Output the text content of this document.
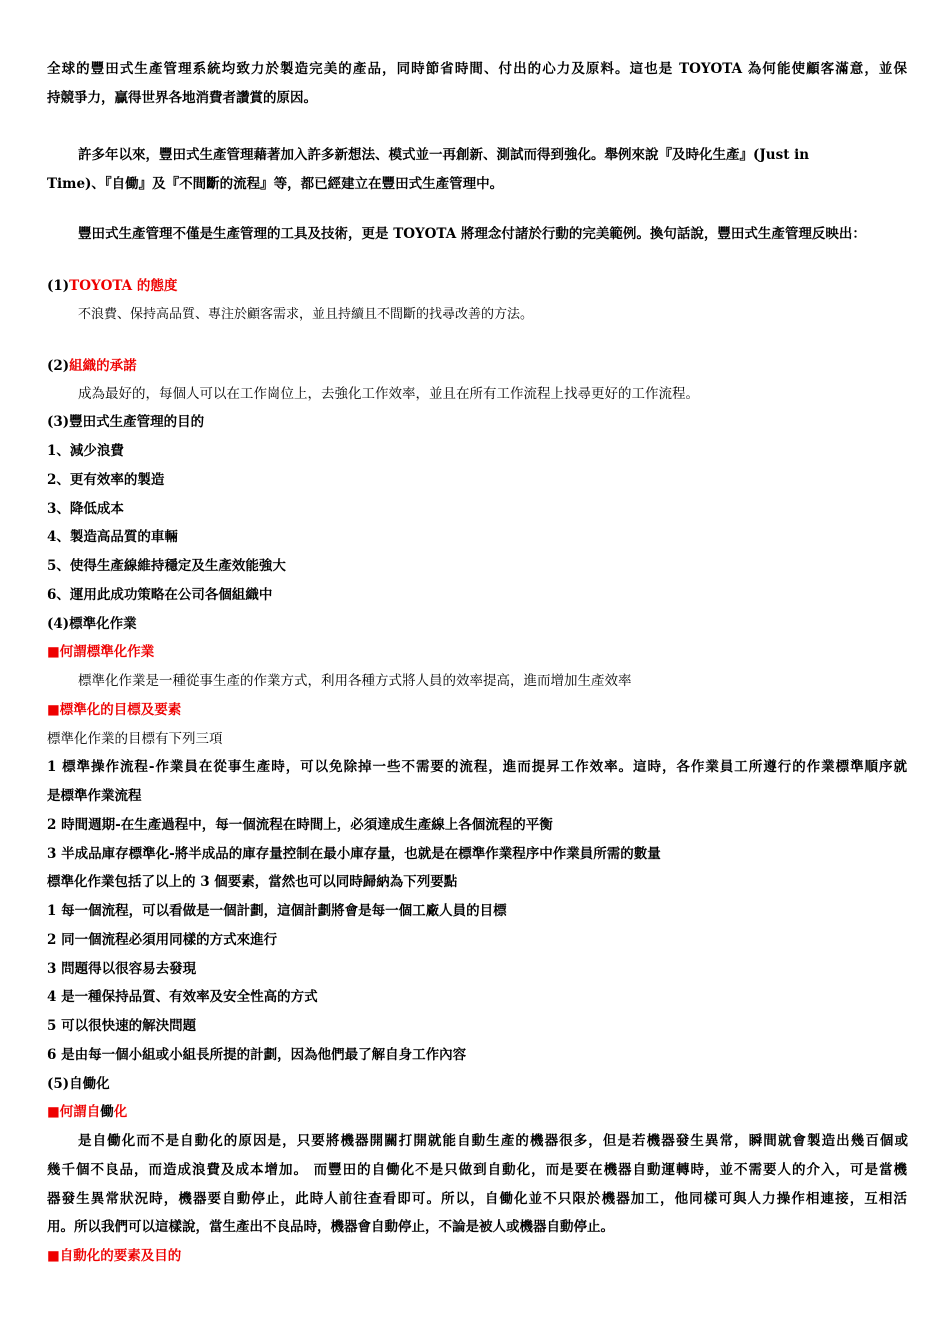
全球的豐田式生產管理系統均致力於製造完美的產品，同時節省時間、付出的心力及原料。這也是 TOYOTA 為何能使顧客滿意，並保
持競爭力，贏得世界各地消費者讚賞的原因。
許多年以來，豐田式生產管理藉著加入許多新想法、模式並一再創新、測試而得到強化。舉例來說『及時化生產』(Just in
Time)、『自働』及『不間斷的流程』等，都已經建立在豐田式生產管理中。
豐田式生產管理不僅是生產管理的工具及技術，更是 TOYOTA 將理念付諸於行動的完美範例。換句話說，豐田式生產管理反映出：
(1)TOYOTA 的態度
不浪費、保持高品質、專注於顧客需求，並且持續且不間斷的找尋改善的方法。
(2)組織的承諾
成為最好的，每個人可以在工作崗位上，去強化工作效率，並且在所有工作流程上找尋更好的工作流程。
(3)豐田式生產管理的目的
1、減少浪費
2、更有效率的製造
3、降低成本
4、製造高品質的車輛
5、使得生產線維持穩定及生產效能強大
6、運用此成功策略在公司各個組織中
(4)標準化作業
■何謂標準化作業
標準化作業是一種從事生產的作業方式，利用各種方式將人員的效率提高，進而增加生產效率
■標準化的目標及要素
標準化作業的目標有下列三項
1 標準操作流程-作業員在從事生產時，可以免除掉一些不需要的流程，進而提昇工作效率。這時，各作業員工所遵行的作業標準順序就
是標準作業流程
2 時間週期-在生產過程中，每一個流程在時間上，必須達成生產線上各個流程的平衡
3 半成品庫存標準化-將半成品的庫存量控制在最小庫存量，也就是在標準作業程序中作業員所需的數量
標準化作業包括了以上的 3 個要素，當然也可以同時歸納為下列要點
1 每一個流程，可以看做是一個計劃，這個計劃將會是每一個工廠人員的目標
2 同一個流程必須用同樣的方式來進行
3 問題得以很容易去發現
4 是一種保持品質、有效率及安全性高的方式
5 可以很快速的解決問題
6 是由每一個小組或小組長所提的計劃，因為他們最了解自身工作內容
(5)自働化
■何謂自働化
是自働化而不是自動化的原因是，只要將機器開關打開就能自動生產的機器很多，但是若機器發生異常，瞬間就會製造出幾百個或
幾千個不良品，而造成浪費及成本增加。 而豐田的自働化不是只做到自動化，而是要在機器自動運轉時，並不需要人的介入，可是當機
器發生異常狀況時，機器要自動停止，此時人前往查看即可。所以，自働化並不只限於機器加工，他同樣可與人力操作相連接，互相活
用。所以我們可以這樣說，當生產出不良品時，機器會自動停止，不論是被人或機器自動停止。
■自動化的要素及目的
